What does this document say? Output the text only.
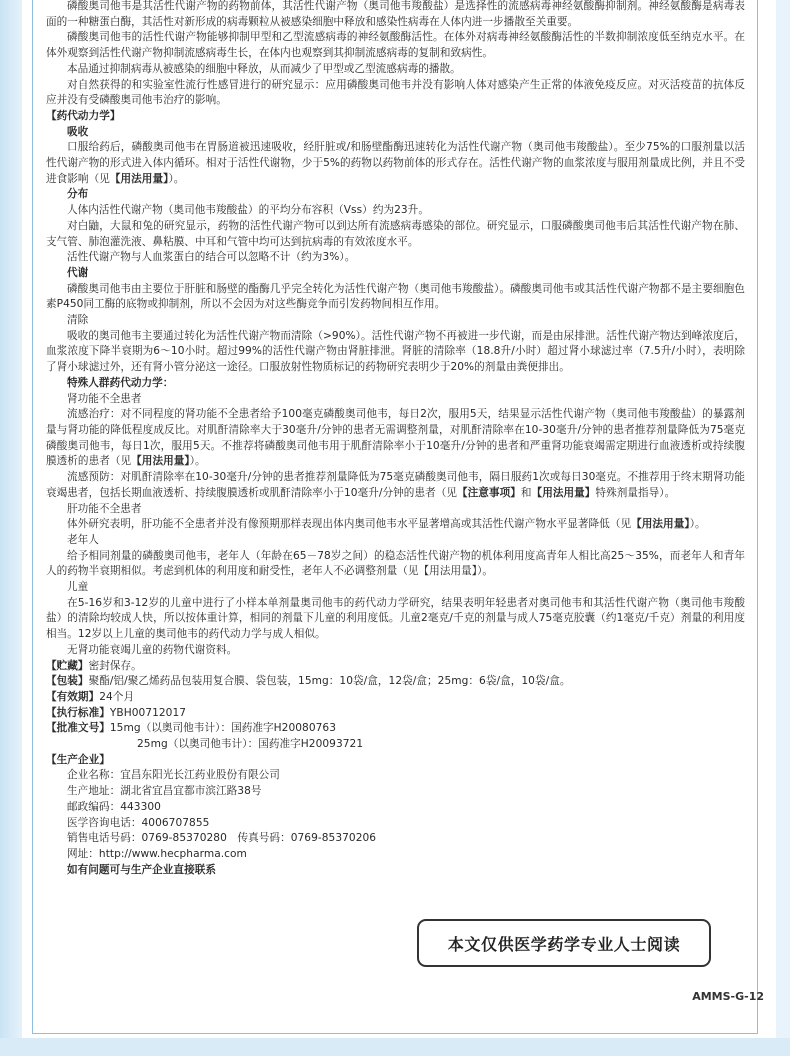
磷酸奥司他韦是其活性代谢产物的药物前体，其活性代谢产物（奥司他韦羧酸盐）是选择性的流感病毒神经氨酸酶抑制剂。神经氨酸酶是病毒表面的一种糖蛋白酶，其活性对新形成的病毒颗粒从被感染细胞中释放和感染性病毒在人体内进一步播散至关重要。

磷酸奥司他韦的活性代谢产物能够抑制甲型和乙型流感病毒的神经氨酸酶活性。在体外对病毒神经氨酸酶活性的半数抑制浓度低至纳克水平。在体外观察到活性代谢产物抑制流感病毒生长，在体内也观察到其抑制流感病毒的复制和致病性。

本品通过抑制病毒从被感染的细胞中释放，从而减少了甲型或乙型流感病毒的播散。

对自然获得的和实验室性流行性感冒进行的研究显示：应用磷酸奥司他韦并没有影响人体对感染产生正常的体液免疫反应。对灭活疫苗的抗体反应并没有受磷酸奥司他韦治疗的影响。

【药代动力学】

吸收

口服给药后，磷酸奥司他韦在胃肠道被迅速吸收，经肝脏或/和肠壁酯酶迅速转化为活性代谢产物（奥司他韦羧酸盐）。至少75%的口服剂量以活性代谢产物的形式进入体内循环。相对于活性代谢物，少于5%的药物以药物前体的形式存在。活性代谢产物的血浆浓度与服用剂量成比例，并且不受进食影响（见【用法用量】）。

分布

人体内活性代谢产物（奥司他韦羧酸盐）的平均分布容积（Vss）约为23升。

对白鼬，大鼠和兔的研究显示，药物的活性代谢产物可以到达所有流感病毒感染的部位。研究显示，口服磷酸奥司他韦后其活性代谢产物在肺、支气管、肺泡灌洗液、鼻粘膜、中耳和气管中均可达到抗病毒的有效浓度水平。

活性代谢产物与人血浆蛋白的结合可以忽略不计（约为3%）。

代谢

磷酸奥司他韦由主要位于肝脏和肠壁的酯酶几乎完全转化为活性代谢产物（奥司他韦羧酸盐）。磷酸奥司他韦或其活性代谢产物都不是主要细胞色素P450同工酶的底物或抑制剂，所以不会因为对这些酶竞争而引发药物间相互作用。

清除

吸收的奥司他韦主要通过转化为活性代谢产物而清除（>90%）。活性代谢产物不再被进一步代谢，而是由尿排泄。活性代谢产物达到峰浓度后，血浆浓度下降半衰期为6～10小时。超过99%的活性代谢产物由肾脏排泄。肾脏的清除率（18.8升/小时）超过肾小球滤过率（7.5升/小时），表明除了肾小球滤过外，还有肾小管分泌这一途径。口服放射性物质标记的药物研究表明少于20%的剂量由粪便排出。

特殊人群药代动力学：

肾功能不全患者

流感治疗：对不同程度的肾功能不全患者给予100毫克磷酸奥司他韦，每日2次，服用5天，结果显示活性代谢产物（奥司他韦羧酸盐）的暴露剂量与肾功能的降低程度成反比。对肌酐清除率大于30毫升/分钟的患者无需调整剂量，对肌酐清除率在10-30毫升/分钟的患者推荐剂量降低为75毫克磷酸奥司他韦，每日1次，服用5天。不推荐将磷酸奥司他韦用于肌酐清除率小于10毫升/分钟的患者和严重肾功能衰竭需定期进行血液透析或持续腹膜透析的患者（见【用法用量】）。

流感预防：对肌酐清除率在10-30毫升/分钟的患者推荐剂量降低为75毫克磷酸奥司他韦，隔日服药1次或每日30毫克。不推荐用于终末期肾功能衰竭患者，包括长期血液透析、持续腹膜透析或肌酐清除率小于10毫升/分钟的患者（见【注意事项】和【用法用量】特殊剂量指导）。

肝功能不全患者

体外研究表明，肝功能不全患者并没有像预期那样表现出体内奥司他韦水平显著增高或其活性代谢产物水平显著降低（见【用法用量】）。

老年人

给予相同剂量的磷酸奥司他韦，老年人（年龄在65－78岁之间）的稳态活性代谢产物的机体利用度高青年人相比高25～35%，而老年人和青年人的药物半衰期相似。考虑到机体的利用度和耐受性，老年人不必调整剂量（见【用法用量】）。

儿童

在5-16岁和3-12岁的儿童中进行了小样本单剂量奥司他韦的药代动力学研究，结果表明年轻患者对奥司他韦和其活性代谢产物（奥司他韦羧酸盐）的清除均较成人快，所以按体重计算，相同的剂量下儿童的利用度低。儿童2毫克/千克的剂量与成人75毫克胶囊（约1毫克/千克）剂量的利用度相当。12岁以上儿童的奥司他韦的药代动力学与成人相似。

无肾功能衰竭儿童的药物代谢资料。

【贮藏】密封保存。

【包装】聚酯/铝/聚乙烯药品包装用复合膜、袋包装，15mg：10袋/盒，12袋/盒；25mg：6袋/盒，10袋/盒。

【有效期】24个月

【执行标准】YBH00712017

【批准文号】15mg（以奥司他韦计）：国药准字H20080763

25mg（以奥司他韦计）：国药准字H20093721

【生产企业】

企业名称：宜昌东阳光长江药业股份有限公司

生产地址：湖北省宜昌宜都市滨江路38号

邮政编码：443300

医学咨询电话：4006707855

销售电话号码：0769-85370280　传真号码：0769-85370206

网址：http://www.hecpharma.com

如有问题可与生产企业直接联系

本文仅供医学药学专业人士阅读
AMMS-G-12
